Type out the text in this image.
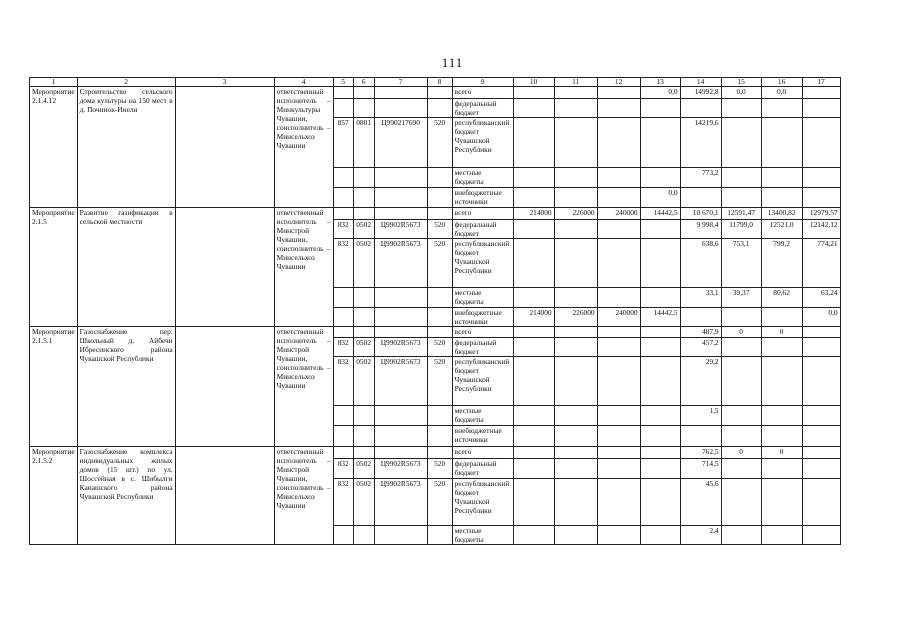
111
1	2	3	4	5	6	7	8	9	10	11	12	13	14	15	16	17
Мероприятие 2.1.4.12	Строительство сельского дома культуры на 150 мест в д. Починок-Инели		ответственный исполнитель – Минкультуры Чувашии, соисполнитель – Минсельхоз Чувашии					всего				0,0	14992,8	0,0	0,0	
								федеральный бюджет								
				857	0801	Ц990217690	520	республиканский бюджет Чувашской Республики					14219,6			
								местные бюджеты					773,2			
								внебюджетные источники				0,0				
Мероприятие 2.1.5	Развитие газификации в сельской местности		ответственный исполнитель – Минстрой Чувашии, соисполнитель – Минсельхоз Чувашии					всего	214000	226000	240000	14442,5	10 670,1	12591,47	13400,82	12979,57
				832	0502	Ц9902R5673	520	федеральный бюджет					9 998,4	11799,0	12521,0	12142,12
				832	0502	Ц9902R5673	520	республиканский бюджет Чувашской Республики					638,6	753,1	799,2	774,21
								местные бюджеты					33,1	39,37	80,62	63,24
								внебюджетные источники	214000	226000	240000	14442,5				0,0
Мероприятие 2.1.5.1	Газоснабжение пер. Школьный д. Айбечи Ибресинского района Чувашской Республики		ответственный исполнитель – Минстрой Чувашии, соисполнитель – Минсельхоз Чувашии					всего					487,9	0	0	
				832	0502	Ц9902R5673	520	федеральный бюджет					457,2			
				832	0502	Ц9902R5673	520	республиканский бюджет Чувашской Республики					29,2			
								местные бюджеты					1,5			
								внебюджетные источники								
Мероприятие 2.1.5.2	Газоснабжение комплекса индивидуальных жилых домов (15 шт.) по ул. Шоссейная в с. Шибылги Канашского района Чувашской Республики		ответственный исполнитель – Минстрой Чувашии, соисполнитель – Минсельхоз Чувашии					всего					762,5	0	0	
				832	0502	Ц9902R5673	520	федеральный бюджет					714,5			
				832	0502	Ц9902R5673	520	республиканский бюджет Чувашской Республики					45,6			
								местные бюджеты					2,4			
